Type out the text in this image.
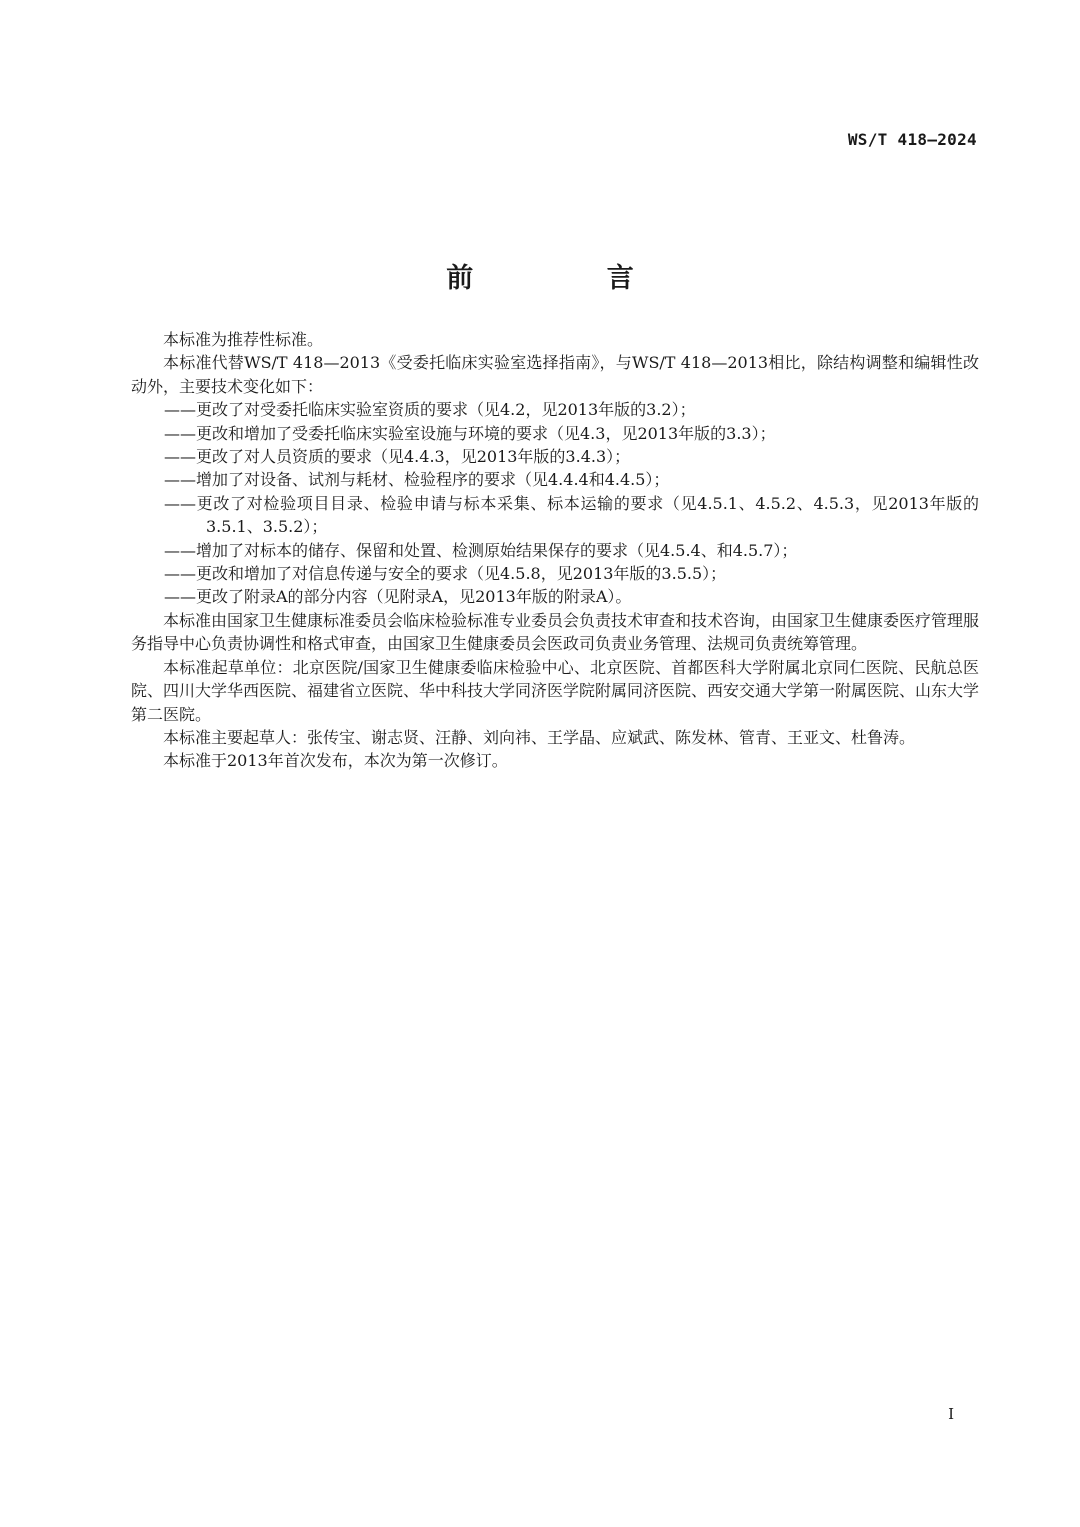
WS/T 418—2024
前 言

本标准为推荐性标准。

本标准代替WS/T 418—2013《受委托临床实验室选择指南》，与WS/T 418—2013相比，除结构调整和编辑性改动外，主要技术变化如下：

——更改了对受委托临床实验室资质的要求（见4.2，见2013年版的3.2）；

——更改和增加了受委托临床实验室设施与环境的要求（见4.3，见2013年版的3.3）；

——更改了对人员资质的要求（见4.4.3，见2013年版的3.4.3）；

——增加了对设备、试剂与耗材、检验程序的要求（见4.4.4和4.4.5）；

——更改了对检验项目目录、检验申请与标本采集、标本运输的要求（见4.5.1、4.5.2、4.5.3，见2013年版的3.5.1、3.5.2）；

——增加了对标本的储存、保留和处置、检测原始结果保存的要求（见4.5.4、和4.5.7）；

——更改和增加了对信息传递与安全的要求（见4.5.8，见2013年版的3.5.5）；

——更改了附录A的部分内容（见附录A，见2013年版的附录A）。

本标准由国家卫生健康标准委员会临床检验标准专业委员会负责技术审查和技术咨询，由国家卫生健康委医疗管理服务指导中心负责协调性和格式审查，由国家卫生健康委员会医政司负责业务管理、法规司负责统筹管理。

本标准起草单位：北京医院/国家卫生健康委临床检验中心、北京医院、首都医科大学附属北京同仁医院、民航总医院、四川大学华西医院、福建省立医院、华中科技大学同济医学院附属同济医院、西安交通大学第一附属医院、山东大学第二医院。

本标准主要起草人：张传宝、谢志贤、汪静、刘向祎、王学晶、应斌武、陈发林、管青、王亚文、杜鲁涛。

本标准于2013年首次发布，本次为第一次修订。

I
